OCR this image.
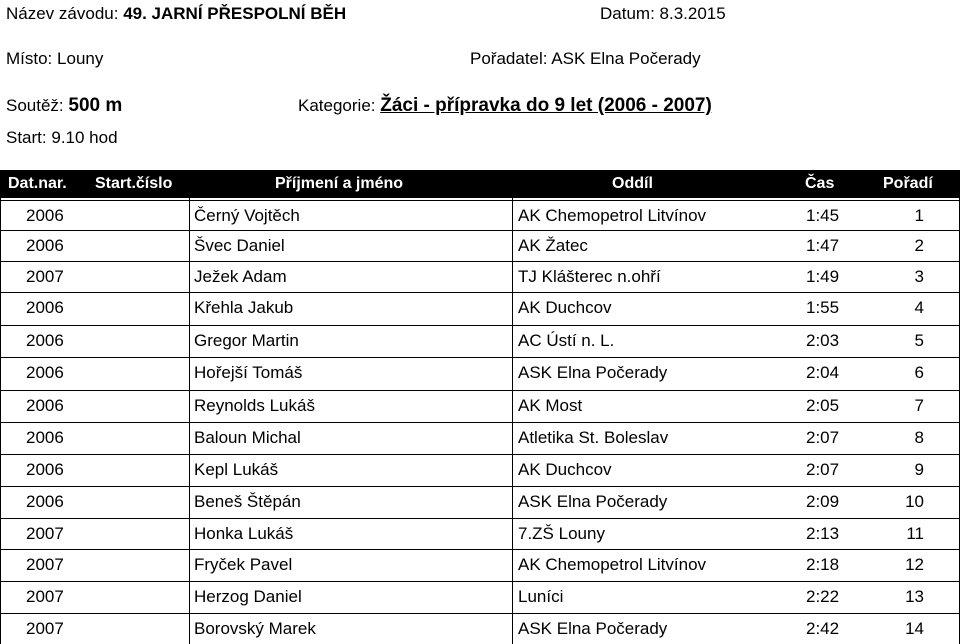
Název závodu: 49. JARNÍ PŘESPOLNÍ BĚH	Datum: 8.3.2015
Místo: Louny	Pořadatel: ASK Elna Počerady
Soutěž: 500 m	Kategorie: Žáci - přípravka do 9 let (2006 - 2007)
Start: 9.10 hod
Dat.nar. Start.číslo	Příjmení a jméno	Oddíl	Čas	Pořadí
2006	Černý Vojtěch	AK Chemopetrol Litvínov	1:45	1
2006	Švec Daniel	AK Žatec	1:47	2
2007	Ježek Adam	TJ Klášterec n.ohří	1:49	3
2006	Křehla Jakub	AK Duchcov	1:55	4
2006	Gregor Martin	AC Ústí n. L.	2:03	5
2006	Hořejší Tomáš	ASK Elna Počerady	2:04	6
2006	Reynolds Lukáš	AK Most	2:05	7
2006	Baloun Michal	Atletika St. Boleslav	2:07	8
2006	Kepl Lukáš	AK Duchcov	2:07	9
2006	Beneš Štěpán	ASK Elna Počerady	2:09	10
2007	Honka Lukáš	7.ZŠ Louny	2:13	11
2007	Fryček Pavel	AK Chemopetrol Litvínov	2:18	12
2007	Herzog Daniel	Luníci	2:22	13
2007	Borovský Marek	ASK Elna Počerady	2:42	14
